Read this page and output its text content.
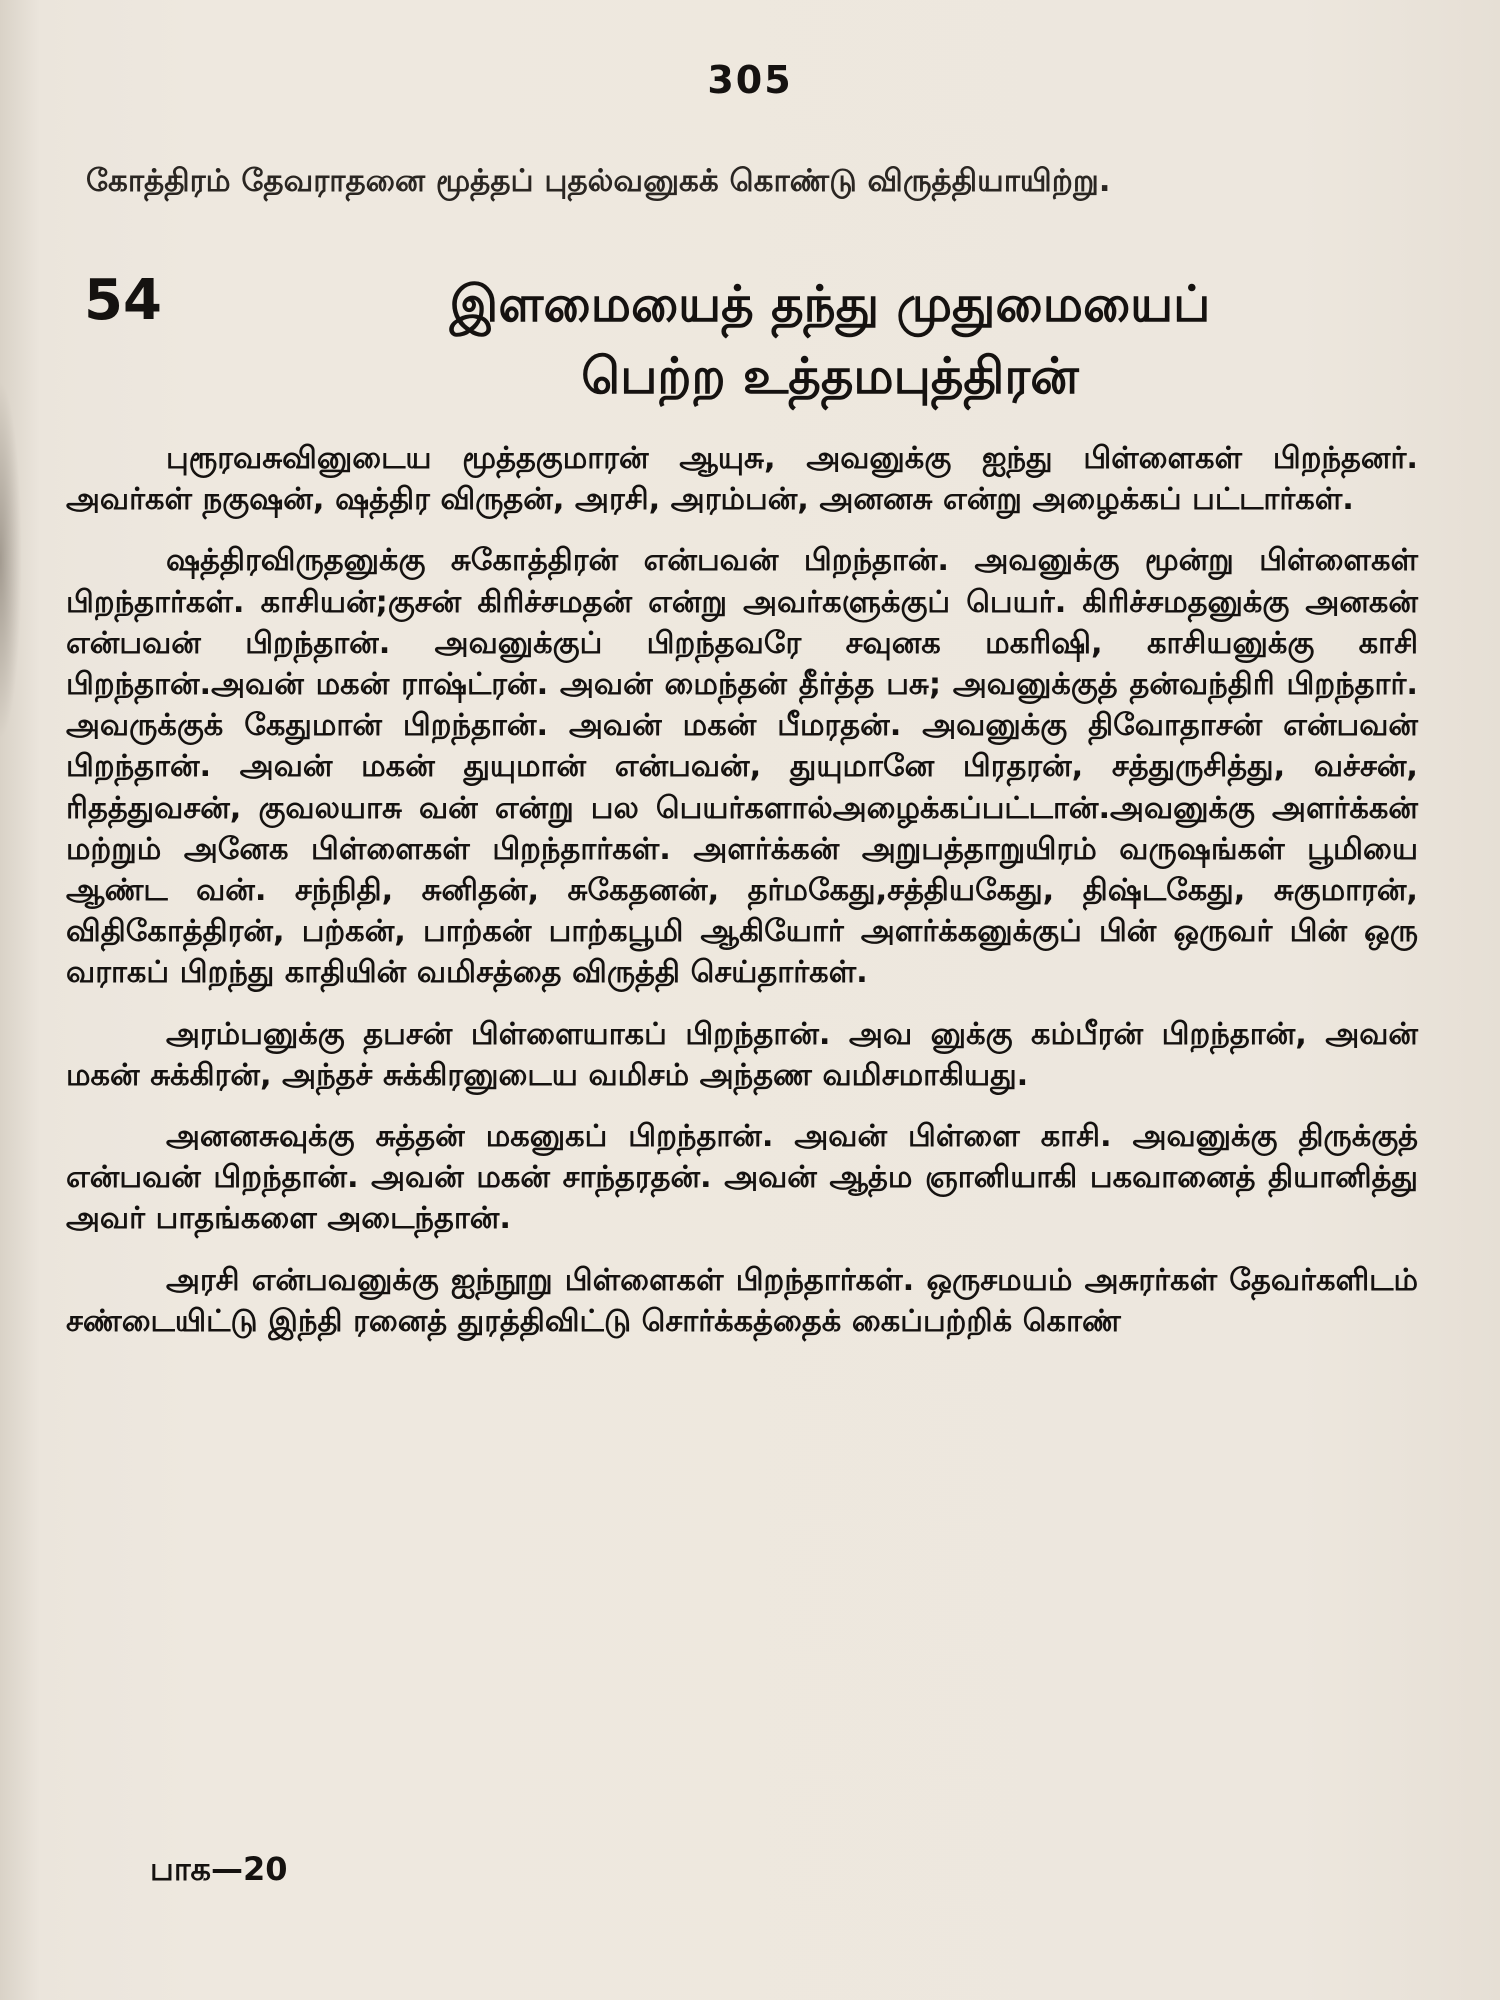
305
கோத்திரம் தேவராதனை மூத்தப் புதல்வனுகக் கொண்டு விருத்தியாயிற்று.
54	இளமையைத் தந்து முதுமையைப்
பெற்ற உத்தமபுத்திரன்

புரூரவசுவினுடைய மூத்தகுமாரன் ஆயுசு, அவனுக்கு ஐந்து பிள்ளைகள் பிறந்தனர். அவர்கள் நகுஷன், ஷத்திர விருதன், அரசி, அரம்பன், அனனசு என்று அழைக்கப் பட்டார்கள்.

ஷத்திரவிருதனுக்கு சுகோத்திரன் என்பவன் பிறந்தான். அவனுக்கு மூன்று பிள்ளைகள் பிறந்தார்கள். காசியன்;குசன் கிரிச்சமதன் என்று அவர்களுக்குப் பெயர். கிரிச்சமதனுக்கு அனகன் என்பவன் பிறந்தான். அவனுக்குப் பிறந்தவரே சவுனக மகரிஷி, காசியனுக்கு காசி பிறந்தான்.அவன் மகன் ராஷ்ட்ரன். அவன் மைந்தன் தீர்த்த பசு; அவனுக்குத் தன்வந்திரி பிறந்தார். அவருக்குக் கேதுமான் பிறந்தான். அவன் மகன் பீமரதன். அவனுக்கு திவோதாசன் என்பவன் பிறந்தான். அவன் மகன் துயுமான் என்பவன், துயுமானே பிரதரன், சத்துருசித்து, வச்சன், ரிதத்துவசன், குவலயாசு வன் என்று பல பெயர்களால்அழைக்கப்பட்டான்.அவனுக்கு அளர்க்கன் மற்றும் அனேக பிள்ளைகள் பிறந்தார்கள். அளர்க்கன் அறுபத்தாறுயிரம் வருஷங்கள் பூமியை ஆண்ட வன். சந்நிதி, சுனிதன், சுகேதனன், தர்மகேது,சத்தியகேது, திஷ்டகேது, சுகுமாரன், விதிகோத்திரன், பற்கன், பாற்கன் பாற்கபூமி ஆகியோர் அளர்க்கனுக்குப் பின் ஒருவர் பின் ஒரு வராகப் பிறந்து காதியின் வமிசத்தை விருத்தி செய்தார்கள்.

அரம்பனுக்கு தபசன் பிள்ளையாகப் பிறந்தான். அவ னுக்கு கம்பீரன் பிறந்தான், அவன் மகன் சுக்கிரன், அந்தச் சுக்கிரனுடைய வமிசம் அந்தண வமிசமாகியது.

அனனசுவுக்கு சுத்தன் மகனுகப் பிறந்தான். அவன் பிள்ளை காசி. அவனுக்கு திருக்குத் என்பவன் பிறந்தான். அவன் மகன் சாந்தரதன். அவன் ஆத்ம ஞானியாகி பகவானைத் தியானித்து அவர் பாதங்களை அடைந்தான்.

அரசி என்பவனுக்கு ஐந்நூறு பிள்ளைகள் பிறந்தார்கள். ஒருசமயம் அசுரர்கள் தேவர்களிடம் சண்டையிட்டு இந்தி ரனைத் துரத்திவிட்டு சொர்க்கத்தைக் கைப்பற்றிக் கொண்

பாக—20
